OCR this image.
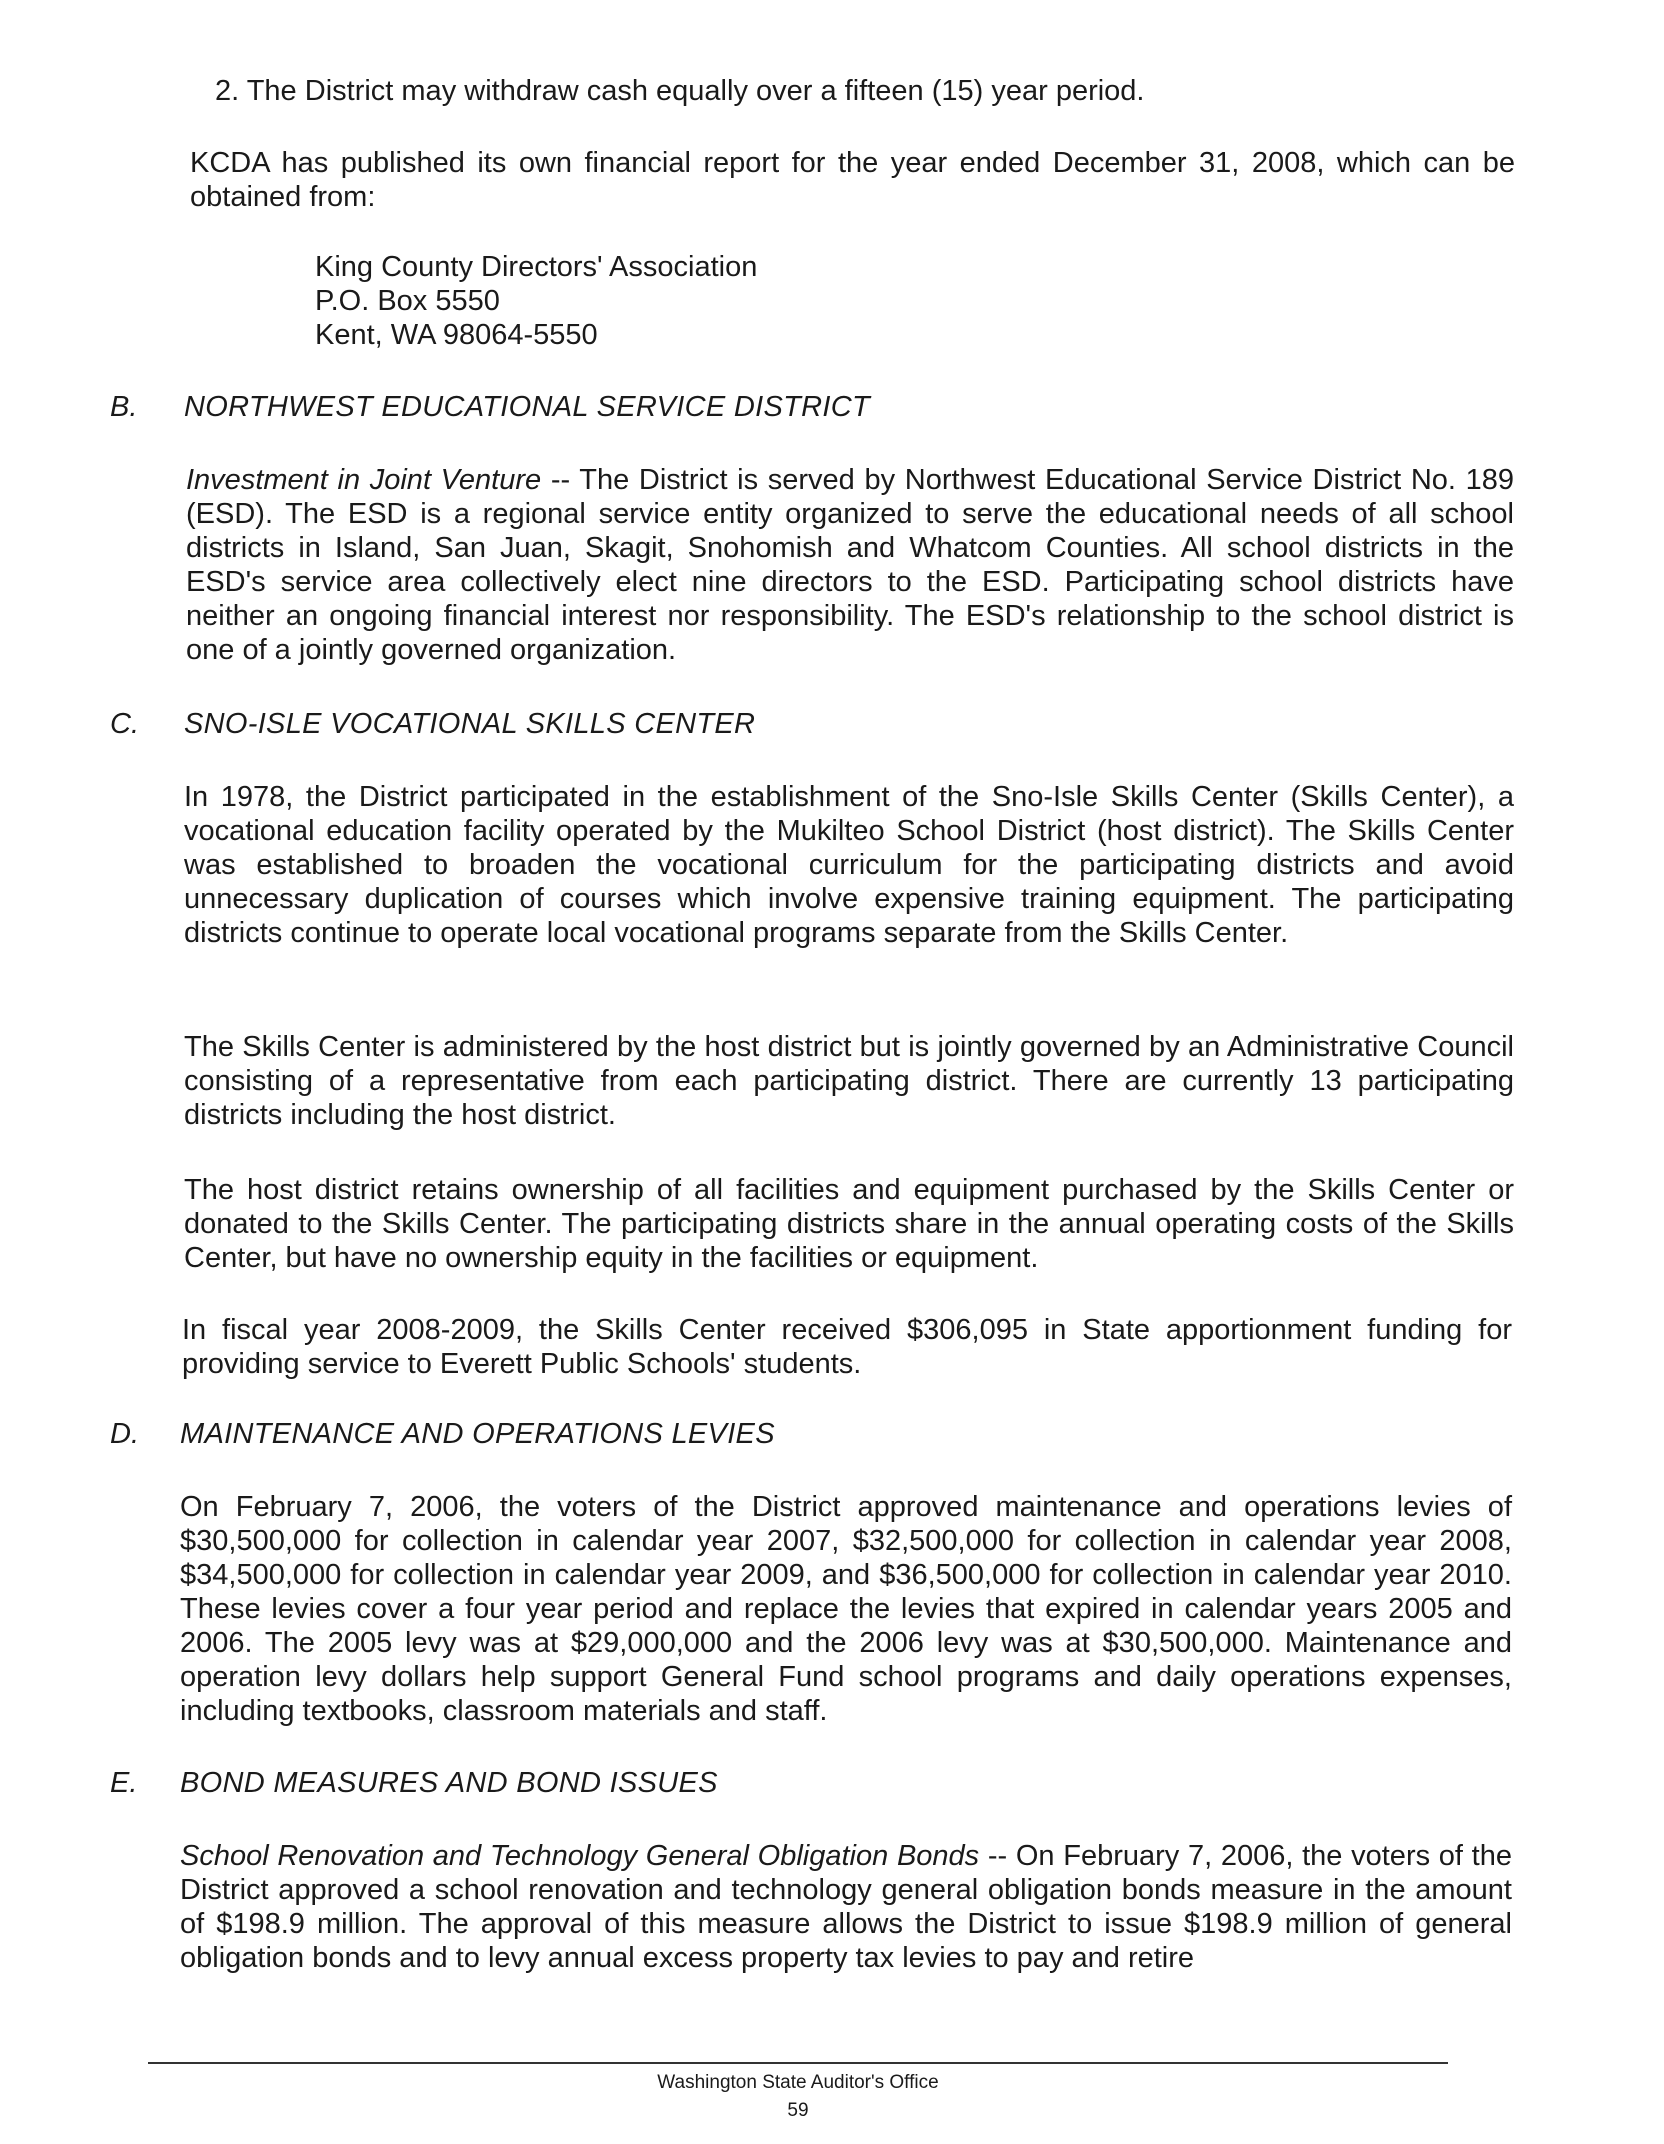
2. The District may withdraw cash equally over a fifteen (15) year period.

KCDA has published its own financial report for the year ended December 31, 2008, which can be obtained from:

King County Directors' Association
P.O. Box 5550
Kent, WA 98064-5550
B. NORTHWEST EDUCATIONAL SERVICE DISTRICT

Investment in Joint Venture -- The District is served by Northwest Educational Service District No. 189 (ESD). The ESD is a regional service entity organized to serve the educational needs of all school districts in Island, San Juan, Skagit, Snohomish and Whatcom Counties. All school districts in the ESD's service area collectively elect nine directors to the ESD. Participating school districts have neither an ongoing financial interest nor responsibility. The ESD's relationship to the school district is one of a jointly governed organization.

C. SNO-ISLE VOCATIONAL SKILLS CENTER

In 1978, the District participated in the establishment of the Sno-Isle Skills Center (Skills Center), a vocational education facility operated by the Mukilteo School District (host district). The Skills Center was established to broaden the vocational curriculum for the participating districts and avoid unnecessary duplication of courses which involve expensive training equipment. The participating districts continue to operate local vocational programs separate from the Skills Center.

The Skills Center is administered by the host district but is jointly governed by an Administrative Council consisting of a representative from each participating district. There are currently 13 participating districts including the host district.

The host district retains ownership of all facilities and equipment purchased by the Skills Center or donated to the Skills Center. The participating districts share in the annual operating costs of the Skills Center, but have no ownership equity in the facilities or equipment.

In fiscal year 2008-2009, the Skills Center received $306,095 in State apportionment funding for providing service to Everett Public Schools' students.

D. MAINTENANCE AND OPERATIONS LEVIES

On February 7, 2006, the voters of the District approved maintenance and operations levies of $30,500,000 for collection in calendar year 2007, $32,500,000 for collection in calendar year 2008, $34,500,000 for collection in calendar year 2009, and $36,500,000 for collection in calendar year 2010. These levies cover a four year period and replace the levies that expired in calendar years 2005 and 2006. The 2005 levy was at $29,000,000 and the 2006 levy was at $30,500,000. Maintenance and operation levy dollars help support General Fund school programs and daily operations expenses, including textbooks, classroom materials and staff.

E. BOND MEASURES AND BOND ISSUES

School Renovation and Technology General Obligation Bonds -- On February 7, 2006, the voters of the District approved a school renovation and technology general obligation bonds measure in the amount of $198.9 million. The approval of this measure allows the District to issue $198.9 million of general obligation bonds and to levy annual excess property tax levies to pay and retire

Washington State Auditor's Office
59
